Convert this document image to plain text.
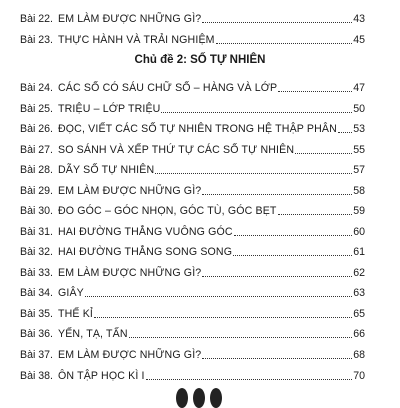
Chủ đề 2: SỐ TỰ NHIÊN
Bài 22. EM LÀM ĐƯỢC NHỮNG GÌ?	43
Bài 23. THỰC HÀNH VÀ TRẢI NGHIỆM	45
Bài 24. CÁC SỐ CÓ SÁU CHỮ SỐ – HÀNG VÀ LỚP	47
Bài 25. TRIỆU – LỚP TRIỆU	50
Bài 26. ĐỌC, VIẾT CÁC SỐ TỰ NHIÊN TRONG HỆ THẬP PHÂN 53
Bài 27. SO SÁNH VÀ XẾP THỨ TỰ CÁC SỐ TỰ NHIÊN	55
Bài 28. DÃY SỐ TỰ NHIÊN	57
Bài 29. EM LÀM ĐƯỢC NHỮNG GÌ?	58
Bài 30. ĐO GÓC – GÓC NHỌN, GÓC TÙ, GÓC BẸT	59
Bài 31. HAI ĐƯỜNG THẲNG VUÔNG GÓC	60
Bài 32. HAI ĐƯỜNG THẲNG SONG SONG	61
Bài 33. EM LÀM ĐƯỢC NHỮNG GÌ?	62
Bài 34. GIÂY	63
Bài 35. THẾ KỈ	65
Bài 36. YẾN, TẠ, TẤN	66
Bài 37. EM LÀM ĐƯỢC NHỮNG GÌ?	68
Bài 38. ÔN TẬP HỌC KÌ I	70
